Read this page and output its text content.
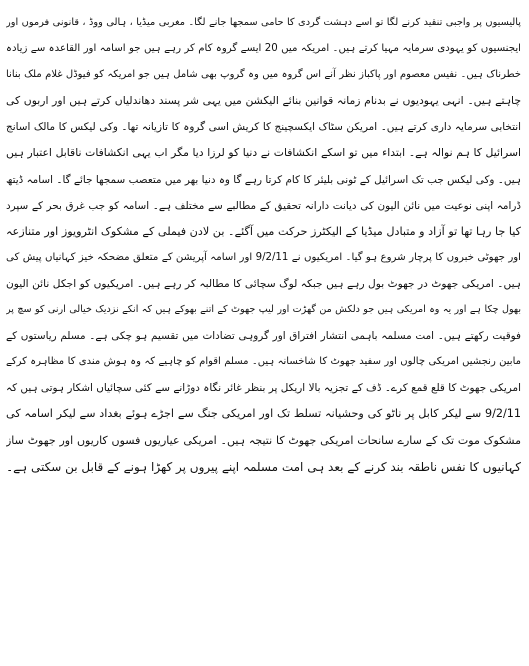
پالیسیوں پر واجبی تنقید کرنے لگا تو اسے دہشت گردی کا حامی سمجھا جانے لگا۔ مغربی میڈیا ، ہالی ووڈ ، قانونی فرموں اور
ایجنسیوں کو یہودی سرمایہ مہیا کرتے ہیں۔ امریکہ میں 20 ایسے گروہ کام کر رہے ہیں جو اسامہ اور القاعدہ سے زیادہ
خطرناک ہیں۔ نفیس معصوم اور پاکباز نظر آنے اس گروہ میں وہ گروپ بھی شامل ہیں جو امریکہ کو فیوڈل غلام ملک بنانا
چاہتے ہیں۔ انہی یہودیوں نے بدنام زمانہ قوانین بنائے الیکشن میں یہی شر پسند دھاندلیاں کرتے ہیں اور اربوں کی
انتخابی سرمایہ داری کرتے ہیں۔ امریکن سٹاک ایکسچینج کا کریش اسی گروہ کا تازیانہ تھا۔ وکی لیکس کا مالک اسانج
اسرائیل کا ہم نوالہ ہے۔ ابتداء میں تو اسکے انکشافات نے دنیا کو لرزا دیا مگر اب یہی انکشافات ناقابل اعتبار ہیں
ہیں۔ وکی لیکس جب تک اسرائیل کے ٹونی بلیئر کا کام کرتا رہے گا وہ دنیا بھر میں متعصب سمجھا جائے گا۔ اسامہ ڈیتھ
ڈرامہ اپنی نوعیت میں نائن الیون کی دیانت دارانہ تحقیق کے مطالبے سے مختلف ہے۔ اسامہ کو جب غرق بحر کے سپرد
کیا جا رہا تھا تو آزاد و متبادل میڈیا کے الیکٹرز حرکت میں آگئے۔ بن لادن فیملی کے مشکوک انٹرویوز اور متنازعہ
اور جھوٹی خبروں کا پرچار شروع ہو گیا۔ امریکیوں نے 9/2/11 اور اسامہ آپریشن کے متعلق مضحکہ خیز کہانیاں پیش کی
ہیں۔ امریکی جھوٹ در جھوٹ بول رہے ہیں جبکہ لوگ سچائی کا مطالبہ کر رہے ہیں۔ امریکیوں کو اجکل نائن الیون
بھول چکا ہے اور یہ وہ امریکی ہیں جو دلکش من گھڑت اور لیپ جھوٹ کے اتنے بھوکے ہیں کہ انکے نزدیک خیالی ارنی کو سچ پر
فوقیت رکھتے ہیں۔ امت مسلمہ باہمی انتشار افتراق اور گروہی تضادات میں تقسیم ہو چکی ہے۔ مسلم ریاستوں کے
مابین رنجشیں امریکی چالوں اور سفید جھوٹ کا شاخسانہ ہیں۔ مسلم اقوام کو چاہیے کہ وہ ہوش مندی کا مظاہرہ کرکے
امریکی جھوٹ کا قلع قمع کرے۔ ڈف کے تجزیہ بالا اریکل پر بنظر غائر نگاہ دوڑانے سے کئی سچائیاں اشکار ہوتی ہیں کہ
9/2/11 سے لیکر کابل پر ناٹو کی وحشیانہ تسلط تک اور امریکی جنگ سے اجڑے ہوئے بغداد سے لیکر اسامہ کی
مشکوک موت تک کے سارے سانحات امریکی جھوٹ کا نتیجہ ہیں۔ امریکی عیاریوں فسوں کاریوں اور جھوٹ ساز
کہانیوں کا نفس ناطقہ بند کرنے کے بعد ہی امت مسلمہ اپنے پیروں پر کھڑا ہونے کے قابل بن سکتی ہے۔
